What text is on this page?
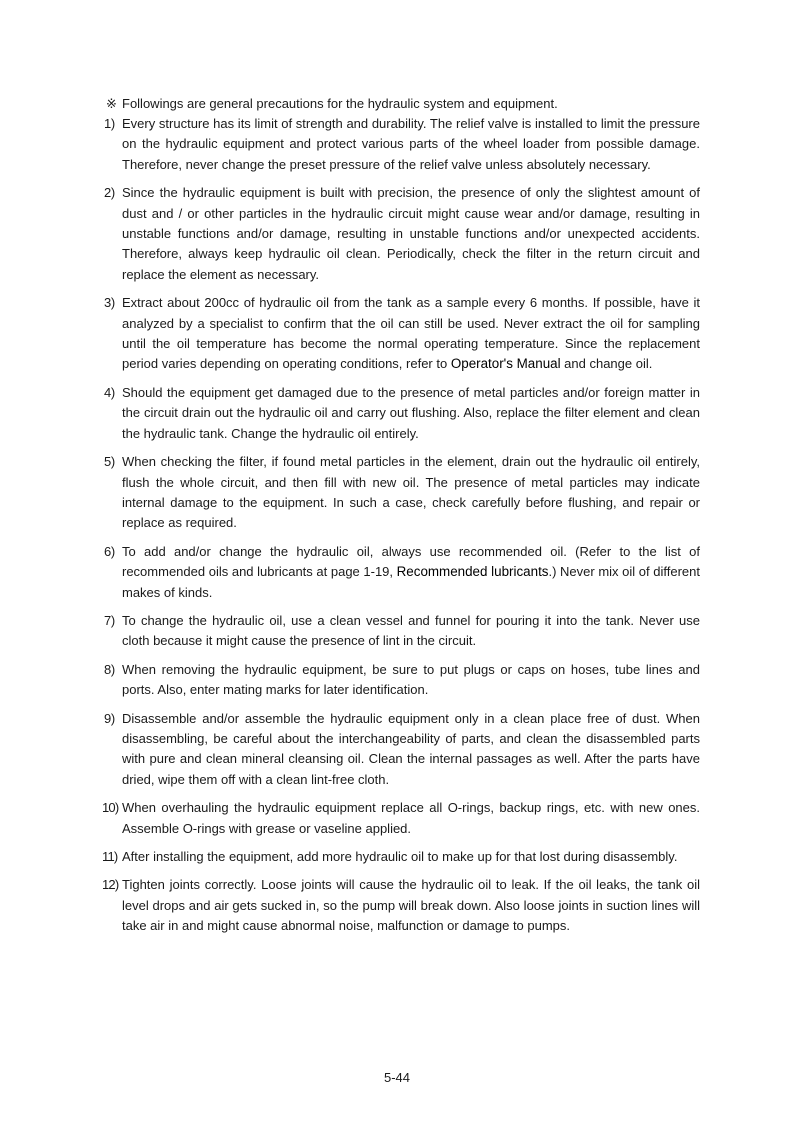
※ Followings are general precautions for the hydraulic system and equipment.

1) Every structure has its limit of strength and durability. The relief valve is installed to limit the pressure on the hydraulic equipment and protect various parts of the wheel loader from possible damage. Therefore, never change the preset pressure of the relief valve unless absolutely necessary.
2) Since the hydraulic equipment is built with precision, the presence of only the slightest amount of dust and / or other particles in the hydraulic circuit might cause wear and/or damage, resulting in unstable functions and/or damage, resulting in unstable functions and/or unexpected accidents. Therefore, always keep hydraulic oil clean. Periodically, check the filter in the return circuit and replace the element as necessary.
3) Extract about 200cc of hydraulic oil from the tank as a sample every 6 months. If possible, have it analyzed by a specialist to confirm that the oil can still be used. Never extract the oil for sampling until the oil temperature has become the normal operating temperature. Since the replacement period varies depending on operating conditions, refer to Operator's Manual and change oil.
4) Should the equipment get damaged due to the presence of metal particles and/or foreign matter in the circuit drain out the hydraulic oil and carry out flushing. Also, replace the filter element and clean the hydraulic tank. Change the hydraulic oil entirely.
5) When checking the filter, if found metal particles in the element, drain out the hydraulic oil entirely, flush the whole circuit, and then fill with new oil. The presence of metal particles may indicate internal damage to the equipment. In such a case, check carefully before flushing, and repair or replace as required.
6) To add and/or change the hydraulic oil, always use recommended oil. (Refer to the list of recommended oils and lubricants at page 1-19, Recommended lubricants.) Never mix oil of different makes of kinds.
7) To change the hydraulic oil, use a clean vessel and funnel for pouring it into the tank. Never use cloth because it might cause the presence of lint in the circuit.
8) When removing the hydraulic equipment, be sure to put plugs or caps on hoses, tube lines and ports. Also, enter mating marks for later identification.
9) Disassemble and/or assemble the hydraulic equipment only in a clean place free of dust. When disassembling, be careful about the interchangeability of parts, and clean the disassembled parts with pure and clean mineral cleansing oil. Clean the internal passages as well. After the parts have dried, wipe them off with a clean lint-free cloth.
10) When overhauling the hydraulic equipment replace all O-rings, backup rings, etc. with new ones. Assemble O-rings with grease or vaseline applied.
11) After installing the equipment, add more hydraulic oil to make up for that lost during disassembly.
12) Tighten joints correctly. Loose joints will cause the hydraulic oil to leak. If the oil leaks, the tank oil level drops and air gets sucked in, so the pump will break down. Also loose joints in suction lines will take air in and might cause abnormal noise, malfunction or damage to pumps.
5-44
